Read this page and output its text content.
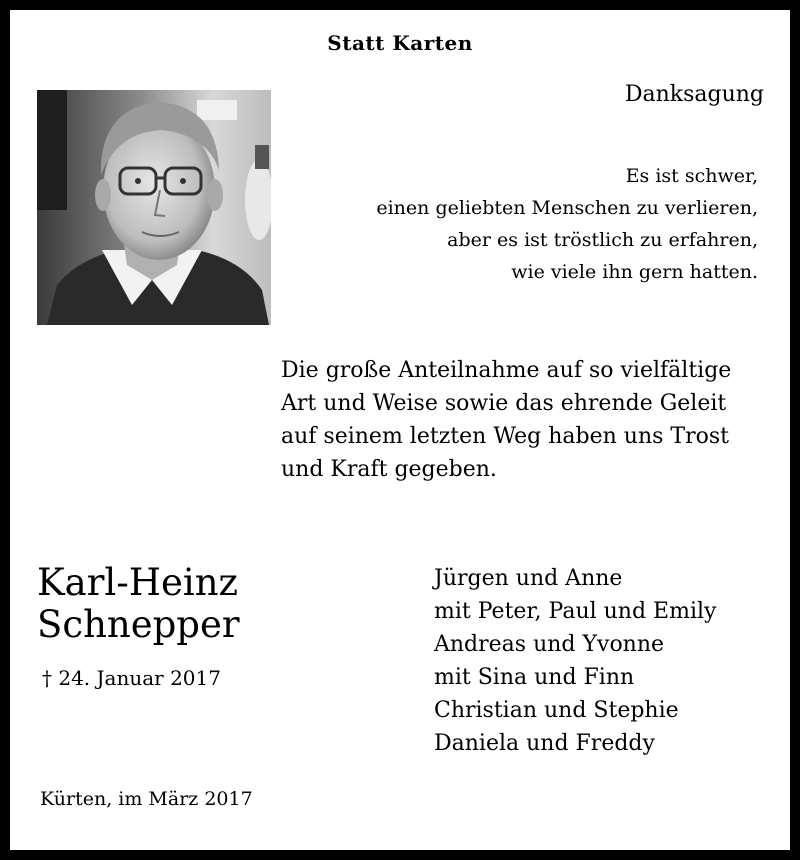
Statt Karten
Danksagung
Es ist schwer,
einen geliebten Menschen zu verlieren,
aber es ist tröstlich zu erfahren,
wie viele ihn gern hatten.
Die große Anteilnahme auf so vielfältige
Art und Weise sowie das ehrende Geleit
auf seinem letzten Weg haben uns Trost
und Kraft gegeben.
Karl-Heinz
Schnepper
† 24. Januar 2017
Jürgen und Anne
mit Peter, Paul und Emily
Andreas und Yvonne
mit Sina und Finn
Christian und Stephie
Daniela und Freddy
Kürten, im März 2017
